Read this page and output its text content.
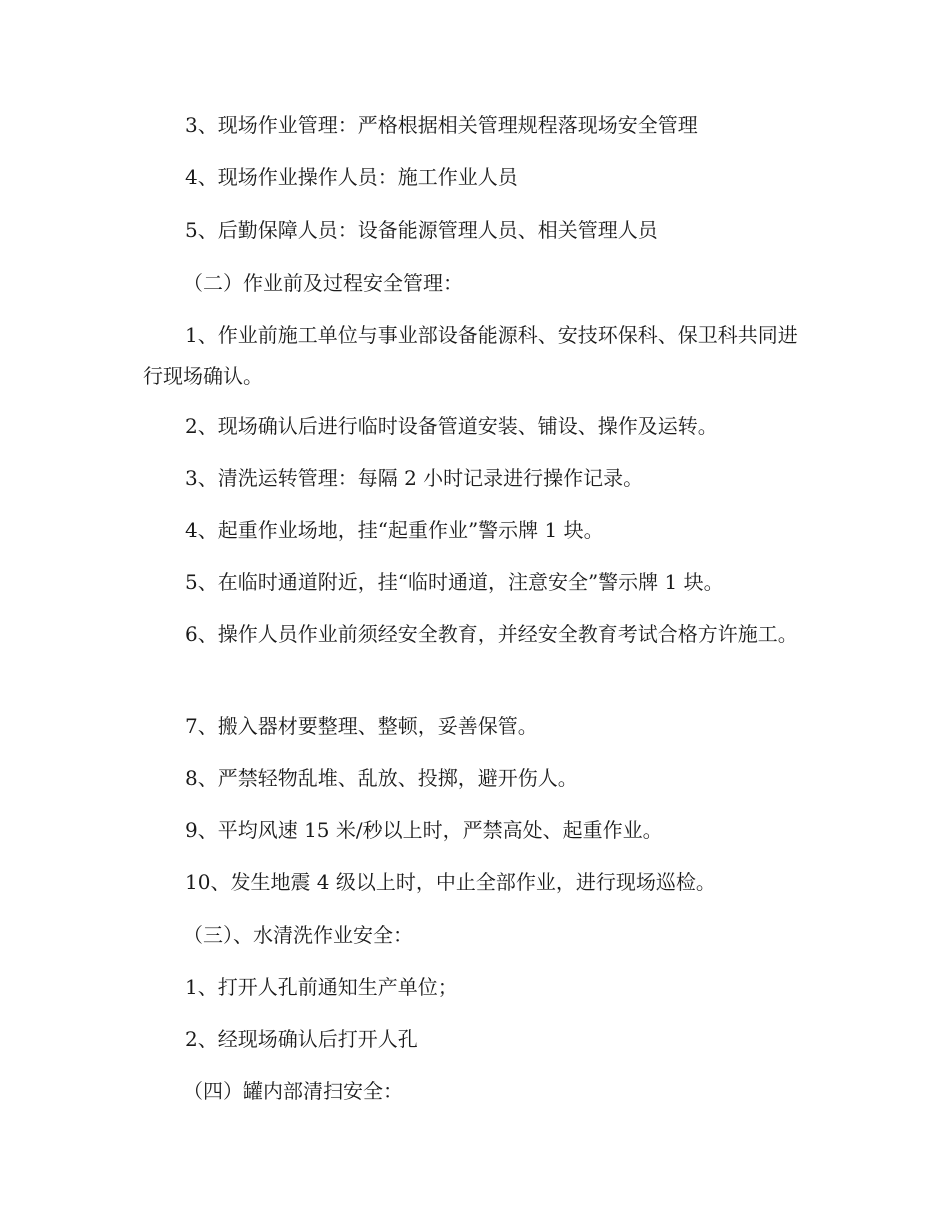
3、现场作业管理：严格根据相关管理规程落现场安全管理

4、现场作业操作人员：施工作业人员

5、后勤保障人员：设备能源管理人员、相关管理人员

（二）作业前及过程安全管理：

1、作业前施工单位与事业部设备能源科、安技环保科、保卫科共同进行现场确认。

2、现场确认后进行临时设备管道安装、铺设、操作及运转。

3、清洗运转管理：每隔 2 小时记录进行操作记录。

4、起重作业场地，挂“起重作业”警示牌 1 块。

5、在临时通道附近，挂“临时通道，注意安全”警示牌 1 块。

6、操作人员作业前须经安全教育，并经安全教育考试合格方许施工。

7、搬入器材要整理、整顿，妥善保管。

8、严禁轻物乱堆、乱放、投掷，避开伤人。

9、平均风速 15 米/秒以上时，严禁高处、起重作业。

10、发生地震 4 级以上时，中止全部作业，进行现场巡检。

（三）、水清洗作业安全：

1、打开人孔前通知生产单位；

2、经现场确认后打开人孔

（四）罐内部清扫安全：
